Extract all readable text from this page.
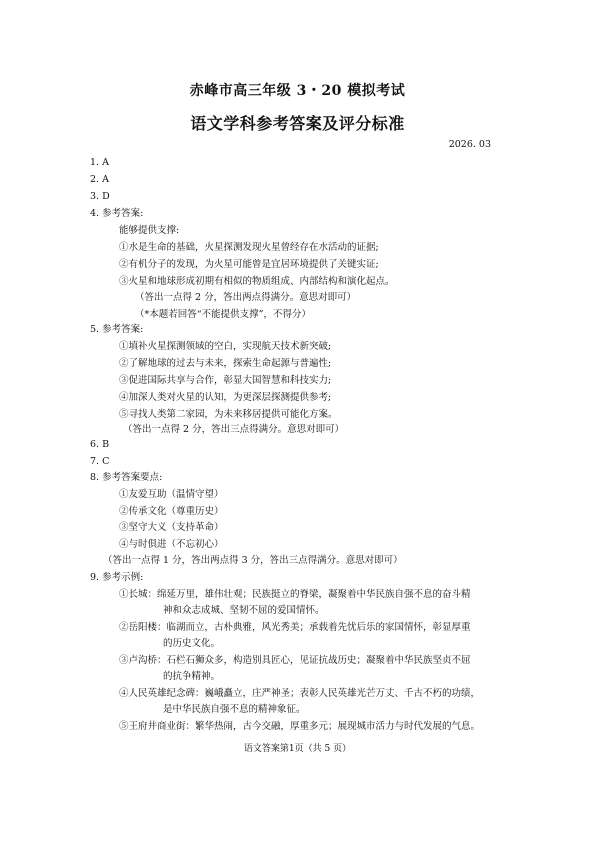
赤峰市高三年级 3・20 模拟考试
语文学科参考答案及评分标准
2026. 03
1. A
2. A
3. D
4. 参考答案:
能够提供支撑:
①水是生命的基础，火星探测发现火星曾经存在水活动的证据;
②有机分子的发现，为火星可能曾是宜居环境提供了关键实证;
③火星和地球形成初期有相似的物质组成、内部结构和演化起点。
（答出一点得 2 分，答出两点得满分。意思对即可）
（*本题若回答“不能提供支撑”，不得分）
5. 参考答案:
①填补火星探测领域的空白，实现航天技术新突破;
②了解地球的过去与未来，探索生命起源与普遍性;
③促进国际共享与合作，彰显大国智慧和科技实力;
④加深人类对火星的认知，为更深层探测提供参考;
⑤寻找人类第二家园，为未来移居提供可能化方案。
（答出一点得 2 分，答出三点得满分。意思对即可）
6. B
7. C
8. 参考答案要点:
①友爱互助（温情守望）
②传承文化（尊重历史）
③坚守大义（支持革命）
④与时俱进（不忘初心）
（答出一点得 1 分，答出两点得 3 分，答出三点得满分。意思对即可）
9. 参考示例:
①长城：绵延万里，雄伟壮观；民族挺立的脊梁，凝聚着中华民族自强不息的奋斗精
神和众志成城、坚韧不屈的爱国情怀。
②岳阳楼：临湖而立，古朴典雅，风光秀美；承载着先忧后乐的家国情怀，彰显厚重
的历史文化。
③卢沟桥：石栏石狮众多，构造别具匠心，见证抗战历史；凝聚着中华民族坚贞不屈
的抗争精神。
④人民英雄纪念碑：巍峨矗立，庄严神圣；表彰人民英雄光芒万丈、千古不朽的功绩，
是中华民族自强不息的精神象征。
⑤王府井商业街：繁华热闹，古今交融，厚重多元；展现城市活力与时代发展的气息。
语文答案第1页（共 5 页）
